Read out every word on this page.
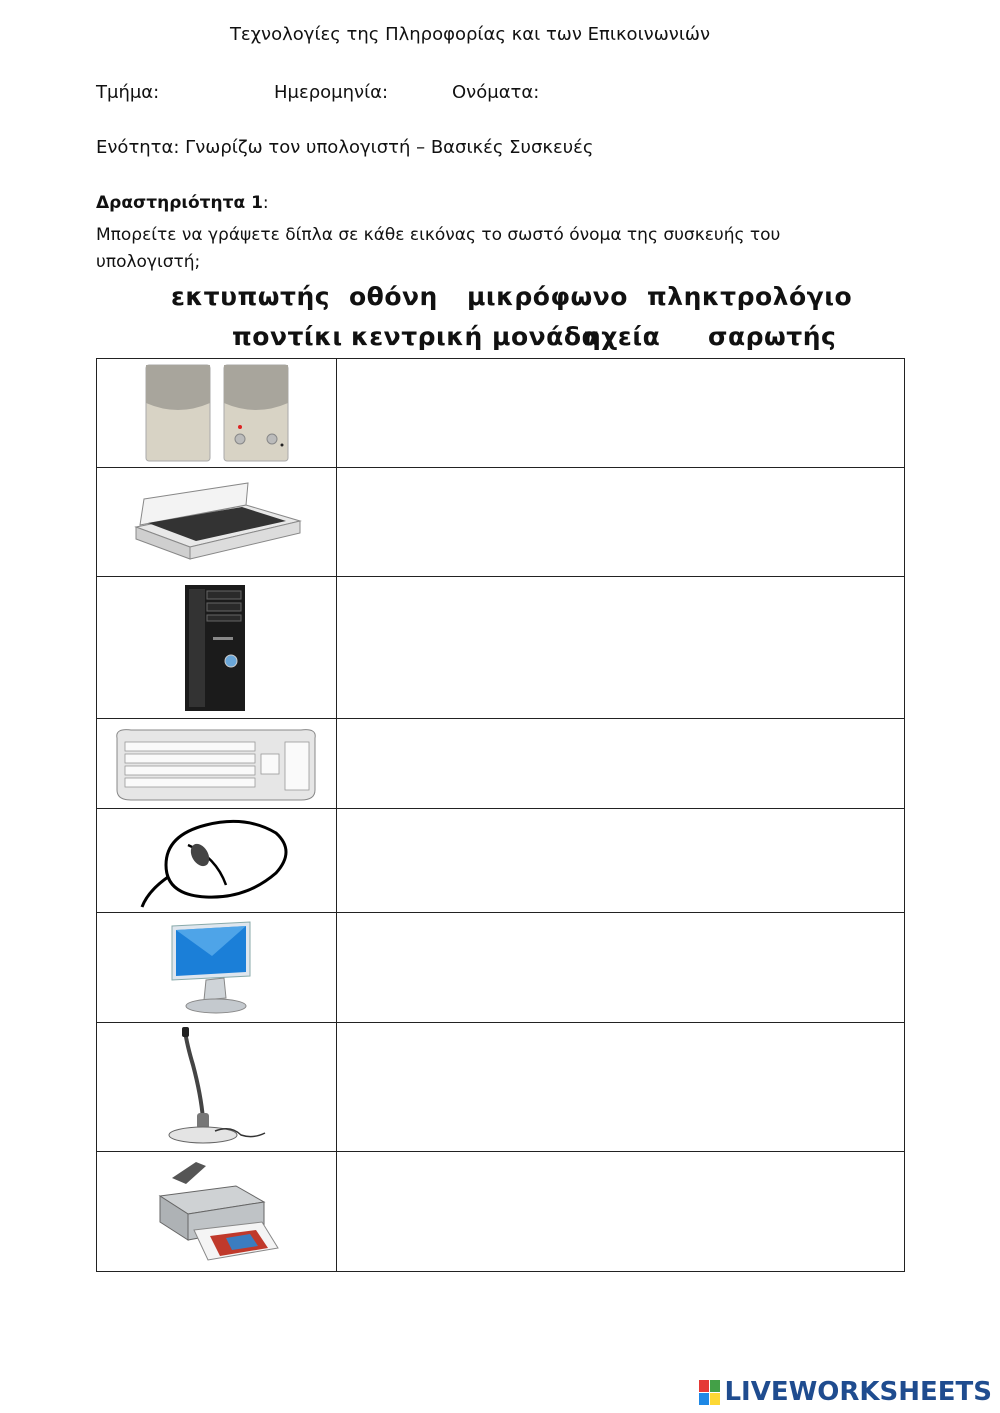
Τεχνολογίες της Πληροφορίας και των Επικοινωνιών
Τμήμα:	Ημερομηνία:	Ονόματα:
Ενότητα: Γνωρίζω τον υπολογιστή – Βασικές Συσκευές
Δραστηριότητα 1:
Μπορείτε να γράψετε δίπλα σε κάθε εικόνας το σωστό όνομα της συσκευής του υπολογιστή;
εκτυπωτής οθόνη μικρόφωνο πληκτρολόγιο
ποντίκι κεντρική μονάδα
ηχεία σαρωτής

LIVEWORKSHEETS
